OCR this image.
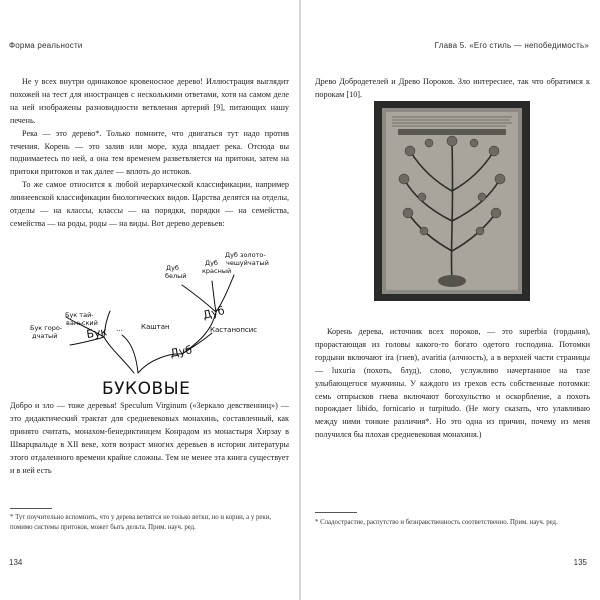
Форма реальности

Не у всех внутри одинаковое кровеносное дерево! Иллюстрация выглядит похожей на тест для иностранцев с несколькими ответами, хотя на самом деле на ней изображены разновидности ветвления артерий [9], питающих нашу печень.

Река — это дерево*. Только помните, что двигаться тут надо против течения. Корень — это залив или море, куда впадает река. Отсюда вы поднимаетесь по ней, а она тем временем разветвляется на притоки, затем на притоки притоков и так далее — вплоть до истоков.

То же самое относится к любой иерархической классификации, например линнеевской классификации биологических видов. Царства делятся на отделы, отделы — на классы, классы — на порядки, порядки — на семейства, семейства — на роды, роды — на виды. Вот дерево деревьев:

БУКОВЫЕ
Бук
Дуб
Дуб
Каштан
…	Кастанопсис
Бук горо-
дчатый
Бук тай-
ваньский
Дуб
белый
Дуб
красный
Дуб золото-
чешуйчатый

Добро и зло — тоже деревья! Speculum Virginum («Зеркало девственниц») — это дидактический трактат для средневековых монахинь, составленный, как принято считать, монахом-бенедиктинцем Конрадом из монастыря Хирзау в Шварцвальде в XII веке, хотя возраст многих деревьев в истории литературы этого отдаленного времени крайне сложны. Тем не менее эта книга существует и в ней есть

* Тут поучительно вспомнить, что у дерева ветвятся не только ветки, но и корни, а у реки, помимо системы притоков, может быть дельта. Прим. науч. ред.
134
Глава 5. «Его стиль — непобедимость»

Древо Добродетелей и Древо Пороков. Зло интереснее, так что обратимся к порокам [10].

Корень дерева, источник всех пороков, — это superbia (гордыня), прорастающая из головы какого-то богато одетого господина. Потомки гордыни включают ira (гнев), avaritia (алчность), а в верхней части страницы — luxuria (похоть, блуд), слово, услужливо начертанное на тазе улыбающегося мужчины. У каждого из грехов есть собственные потомки: семь отпрысков гнева включают богохульство и оскорбление, а похоть порождает libido, fornicario и turpitudo. (Не могу сказать, что улавливаю между ними тонкие различия*. Но это одна из причин, почему из меня получился бы плохая средневековая монахиня.)

* Сладострастие, распутство и безнравственность соответственно. Прим. науч. ред.
135
